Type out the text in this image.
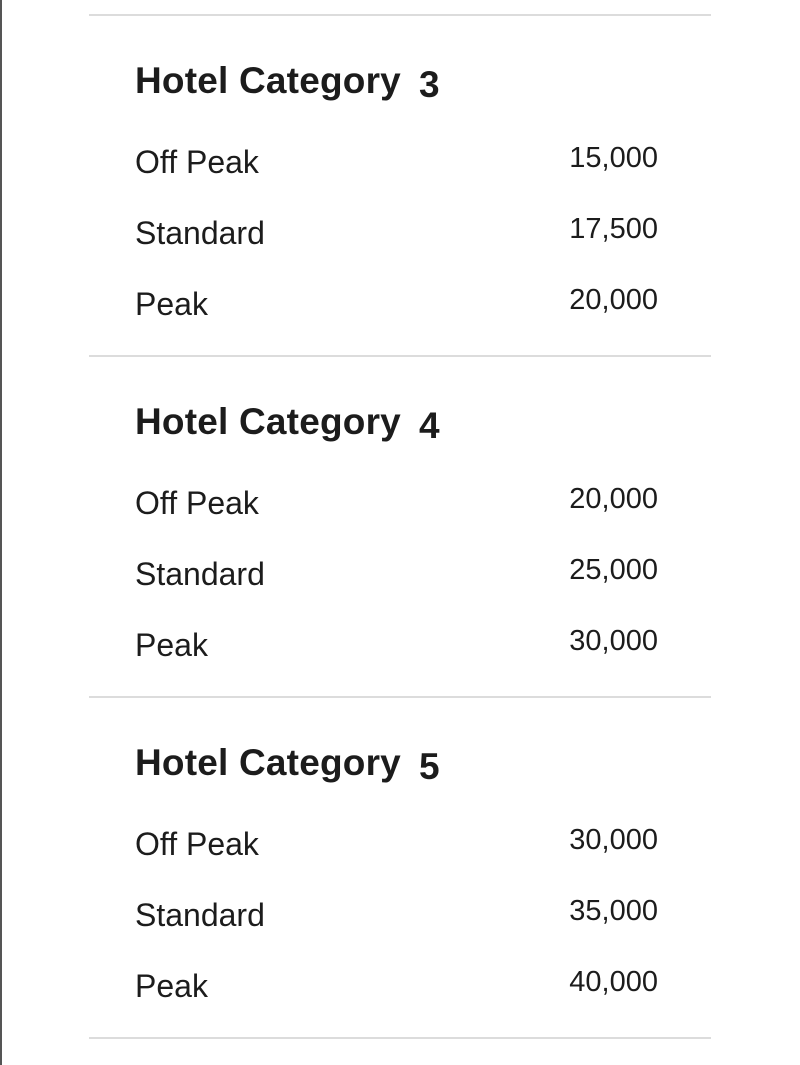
Hotel Category 3
Off Peak	15,000
Standard	17,500
Peak	20,000
Hotel Category 4
Off Peak	20,000
Standard	25,000
Peak	30,000
Hotel Category 5
Off Peak	30,000
Standard	35,000
Peak	40,000
